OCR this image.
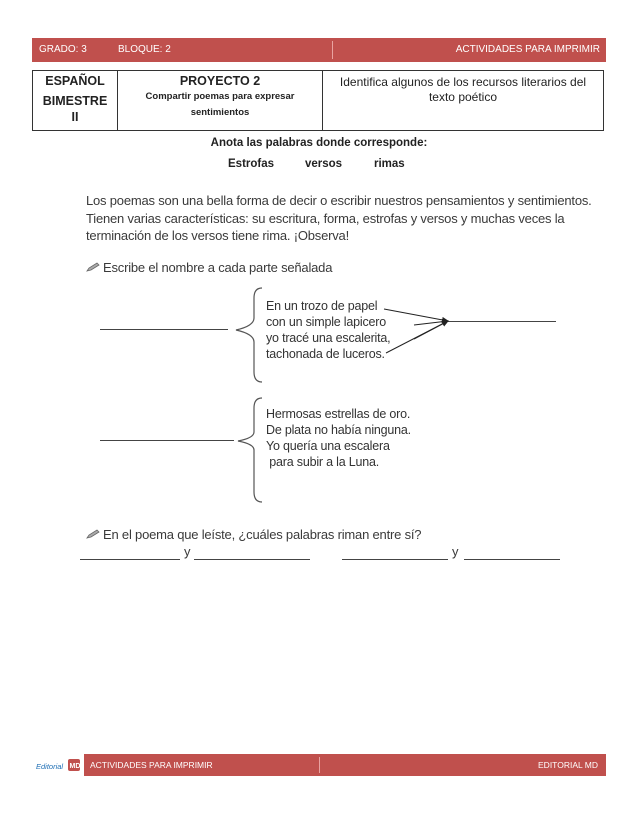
GRADO: 3	BLOQUE: 2	ACTIVIDADES PARA IMPRIMIR
ESPAÑOL
BIMESTRE
II

PROYECTO 2
Compartir poemas para expresar
sentimientos
	Identifica algunos de los recursos literarios del texto poético
Anota las palabras donde corresponde:
Estrofas	versos	rimas
Los poemas son una bella forma de decir o escribir nuestros pensamientos y sentimientos.
Tienen varias características: su escritura, forma, estrofas y versos y muchas veces la
terminación de los versos tiene rima. ¡Observa!
Escribe el nombre a cada parte señalada
En un trozo de papel
con un simple lapicero
yo tracé una escalerita,
tachonada de luceros.
Hermosas estrellas de oro.
De plata no había ninguna.
Yo quería una escalera
para subir a la Luna.
En el poema que leíste, ¿cuáles palabras riman entre sí?
y	y
Editorial MD ACTIVIDADES PARA IMPRIMIR	EDITORIAL MD
